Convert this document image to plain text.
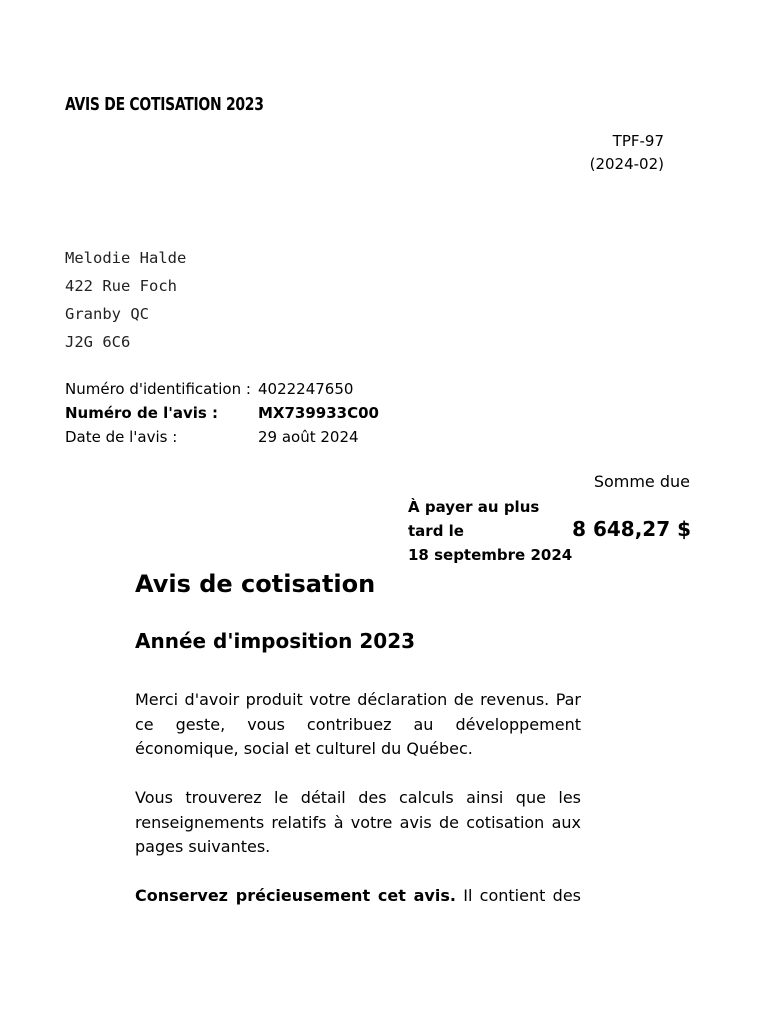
AVIS DE COTISATION 2023
TPF-97
(2024-02)
Melodie Halde
422 Rue Foch
Granby QC
J2G 6C6
Numéro d'identification : 4022247650
Numéro de l'avis :	MX739933C00
Date de l'avis :	29 août 2024
Somme due
À payer au plus
tard le
18 septembre 2024
8 648,27 $
Avis de cotisation
Année d'imposition 2023

Merci d'avoir produit votre déclaration de revenus. Par ce geste, vous contribuez au développement économique, social et culturel du Québec.

Vous trouverez le détail des calculs ainsi que les renseignements relatifs à votre avis de cotisation aux pages suivantes.

Conservez précieusement cet avis. Il contient des
